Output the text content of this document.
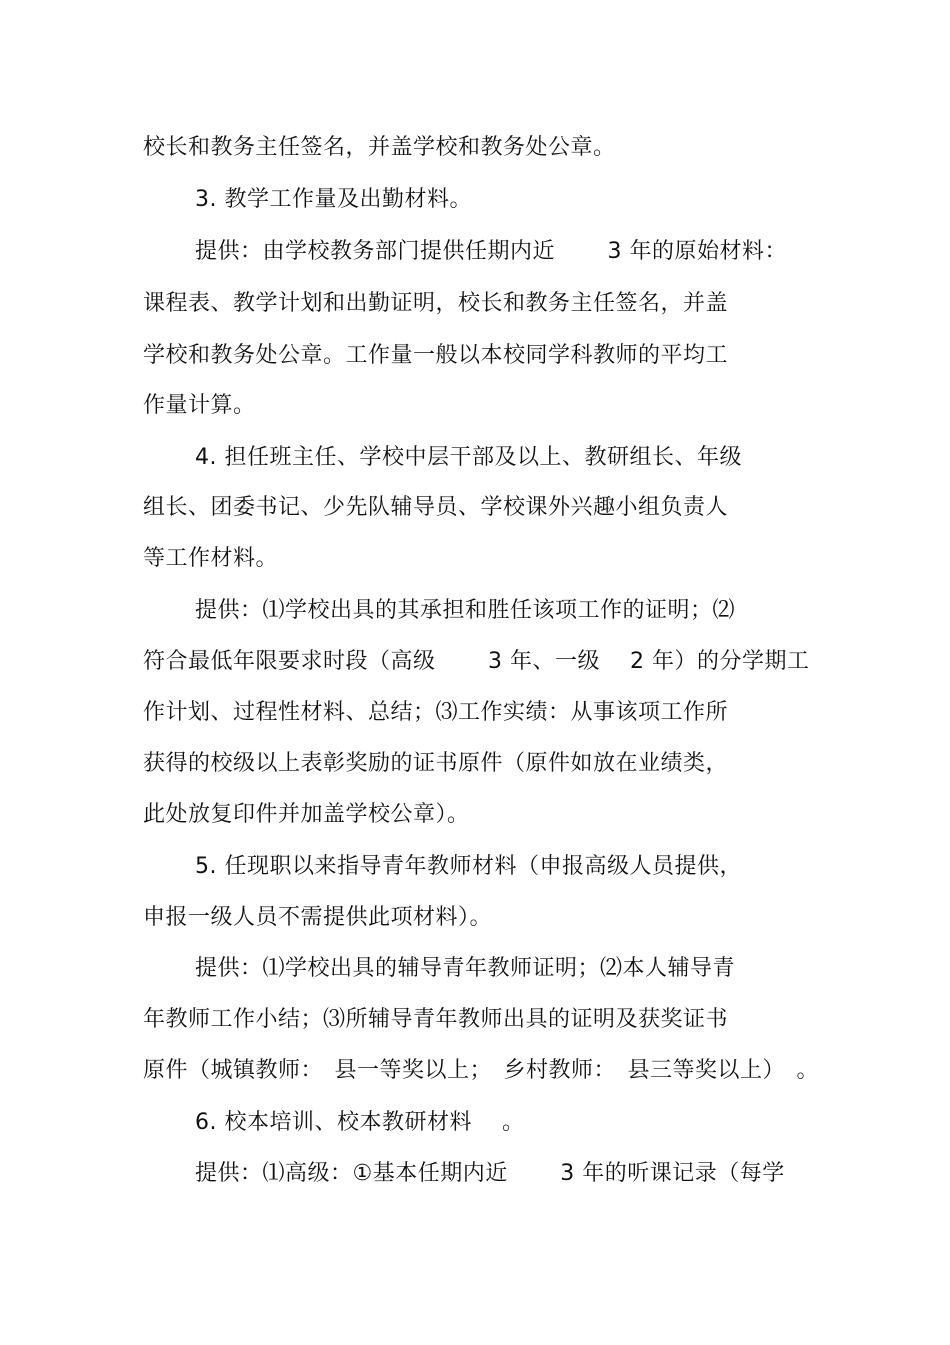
校长和教务主任签名，并盖学校和教务处公章。
3. 教学工作量及出勤材料。
提供：由学校教务部门提供任期内近　　 3 年的原始材料：
课程表、教学计划和出勤证明，校长和教务主任签名，并盖
学校和教务处公章。工作量一般以本校同学科教师的平均工
作量计算。
4. 担任班主任、学校中层干部及以上、教研组长、年级
组长、团委书记、少先队辅导员、学校课外兴趣小组负责人
等工作材料。
提供：⑴学校出具的其承担和胜任该项工作的证明；⑵
符合最低年限要求时段（高级　　 3 年、一级　 2 年）的分学期工
作计划、过程性材料、总结；⑶工作实绩：从事该项工作所
获得的校级以上表彰奖励的证书原件（原件如放在业绩类，
此处放复印件并加盖学校公章）。
5. 任现职以来指导青年教师材料（申报高级人员提供，
申报一级人员不需提供此项材料）。
提供：⑴学校出具的辅导青年教师证明；⑵本人辅导青
年教师工作小结；⑶所辅导青年教师出具的证明及获奖证书
原件（城镇教师：　县一等奖以上；　乡村教师：　县三等奖以上）　。
6. 校本培训、校本教研材料　 。
提供：⑴高级：①基本任期内近　　 3 年的听课记录（每学
